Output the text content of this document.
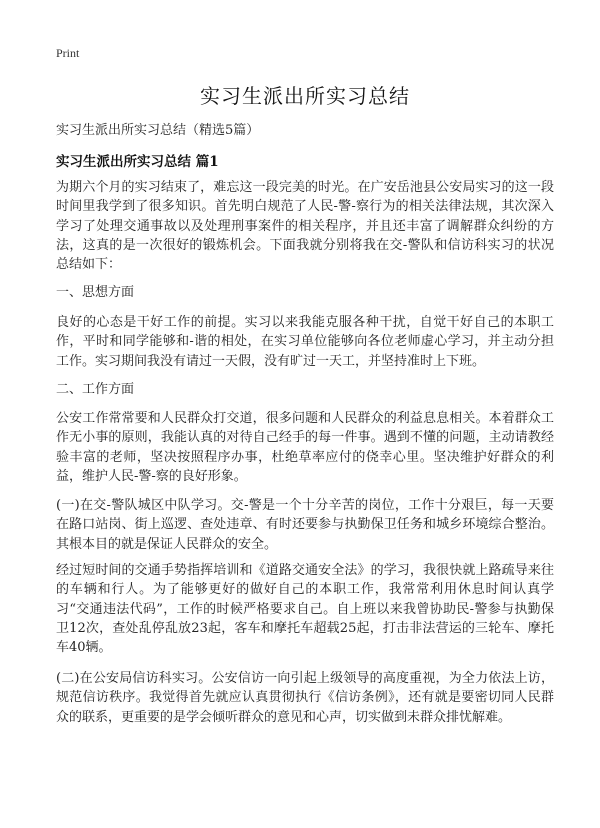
Print
实习生派出所实习总结

实习生派出所实习总结（精选5篇）

实习生派出所实习总结 篇1

为期六个月的实习结束了，难忘这一段完美的时光。在广安岳池县公安局实习的这一段时间里我学到了很多知识。首先明白规范了人民-警-察行为的相关法律法规，其次深入学习了处理交通事故以及处理刑事案件的相关程序，并且还丰富了调解群众纠纷的方法，这真的是一次很好的锻炼机会。下面我就分别将我在交-警队和信访科实习的状况总结如下：

一、思想方面

良好的心态是干好工作的前提。实习以来我能克服各种干扰，自觉干好自己的本职工作，平时和同学能够和-谐的相处，在实习单位能够向各位老师虚心学习，并主动分担工作。实习期间我没有请过一天假，没有旷过一天工，并坚持准时上下班。

二、工作方面

公安工作常常要和人民群众打交道，很多问题和人民群众的利益息息相关。本着群众工作无小事的原则，我能认真的对待自己经手的每一件事。遇到不懂的问题，主动请教经验丰富的老师，坚决按照程序办事，杜绝草率应付的侥幸心里。坚决维护好群众的利益，维护人民-警-察的良好形象。

(一)在交-警队城区中队学习。交-警是一个十分辛苦的岗位，工作十分艰巨，每一天要在路口站岗、街上巡逻、查处违章、有时还要参与执勤保卫任务和城乡环境综合整治。其根本目的就是保证人民群众的安全。

经过短时间的交通手势指挥培训和《道路交通安全法》的学习，我很快就上路疏导来往的车辆和行人。为了能够更好的做好自己的本职工作，我常常利用休息时间认真学习“交通违法代码”，工作的时候严格要求自己。自上班以来我曾协助民-警参与执勤保卫12次，查处乱停乱放23起，客车和摩托车超载25起，打击非法营运的三轮车、摩托车40辆。

(二)在公安局信访科实习。公安信访一向引起上级领导的高度重视，为全力依法上访，规范信访秩序。我觉得首先就应认真贯彻执行《信访条例》，还有就是要密切同人民群众的联系，更重要的是学会倾听群众的意见和心声，切实做到未群众排忧解难。
